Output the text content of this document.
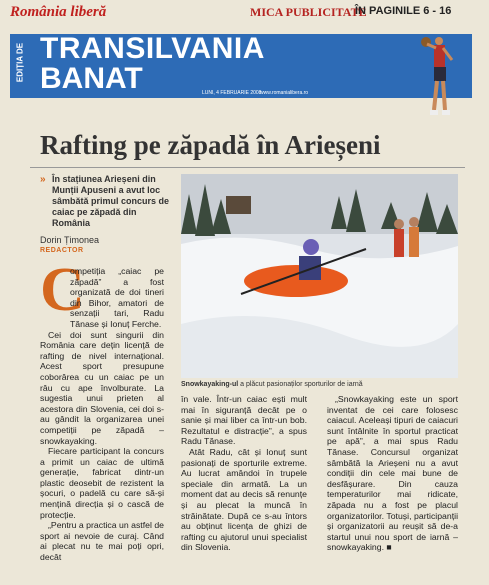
România liberă	MICA PUBLICITATE
ÎN PAGINILE 6 - 16
EDIȚIA DE TRANSILVANIA
BANAT	LUNI, 4 FEBRUARIE 2008
www.romanialibera.ro
Rafting pe zăpadă în Arieșeni
» În stațiunea Arieșeni din Munții Apuseni a avut loc sâmbătă primul concurs de caiac pe zăpadă din România
Dorin Țimonea
REDACTOR
C

ompetiția „caiac pe zăpadă” a fost organizată de doi tineri din Bihor, amatori de senzații tari, Radu Tănase și Ionuț Ferche.

Cei doi sunt singurii din România care dețin licență de rafting de nivel internațional. Acest sport presupune coborârea cu un caiac pe un râu cu ape învolburate. La sugestia unui prieten al acestora din Slovenia, cei doi s-au gândit la organizarea unei competiții pe zăpadă – snowkayaking.

Fiecare participant la concurs a primit un caiac de ultimă generație, fabricat dintr-un plastic deosebit de rezistent la șocuri, o padelă cu care să-și mențină direcția și o cască de protecție.

„Pentru a practica un astfel de sport ai nevoie de curaj. Când ai plecat nu te mai poți opri, decât

Snowkayaking-ul a plăcut pasionaților sporturilor de iarnă

în vale. Într-un caiac ești mult mai în siguranță decât pe o sanie și mai liber ca într-un bob. Rezultatul e distracție”, a spus Radu Tănase.

Atât Radu, cât și Ionuț sunt pasionați de sporturile extreme. Au lucrat amândoi în trupele speciale din armată. La un moment dat au decis să renunțe și au plecat la muncă în străinătate. După ce s-au întors au obținut licența de ghizi de rafting cu ajutorul unui specialist din Slovenia.

„Snowkayaking este un sport inventat de cei care folosesc caiacul. Aceleași tipuri de caiacuri sunt întâlnite în sportul practicat pe apă”, a mai spus Radu Tănase. Concursul organizat sâmbătă la Arieșeni nu a avut condiții din cele mai bune de desfășurare. Din cauza temperaturilor mai ridicate, zăpada nu a fost pe placul organizatorilor. Totuși, participanții și organizatorii au reușit să de-a startul unui nou sport de iarnă – snowkayaking. ■
